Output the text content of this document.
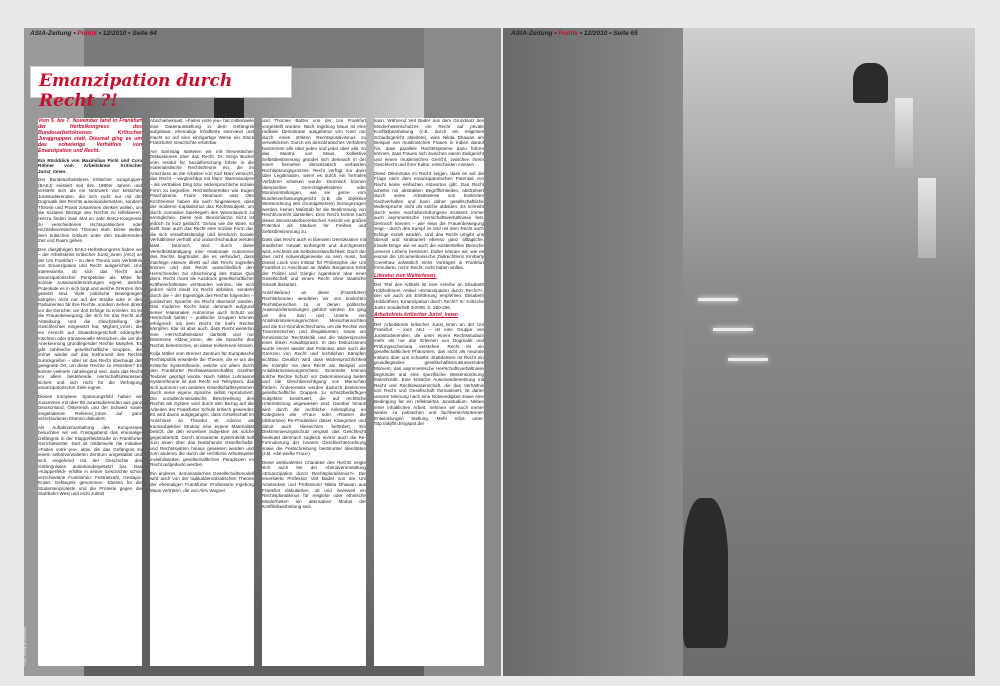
AStA-Zeitung • Politik • 12/2010 • Seite 64
Emanzipation durch Recht ?!
Foto: mbxp photocase

Vom 5. bis 7. November fand in Frankfurt der Herbstkongress des Bundesarbeitskreises Kritischer Jurajgruppen statt. Diesmal ging es um das schwierige Verhältnis von Emanzipation und Recht.

Ein Rückblick von Maximilian Pichl und Cora Röhner vom Arbeitskreis Kritischer Jurist_innen.

Der Bundesarbeitskreis Kritischer Juragruppen (BAKJ) existiert seit den 1980er Jahren und versteht sich als ein Netzwerk von kritischen Jurastudierenden, die sich nicht nur mit der Dogmatik des Rechts auseinandersetzen, sondern Theorie und Praxis zusammen denken wollen, um die sozialen Bezüge des Rechts zu reflektieren. Hierzu finden zwei Mal im Jahr BAKJ-Kongresse zu verschiedenen rechtspolitischen oder rechtstheoretischen Themen statt. Diese stellen dem kritischen Diskurs unter den Studierenden Zeit und Raum geben.

Den diesjährigen BAKJ-Herbstkongress haben wir – der Arbeitskreis Kritischer Jurist_innen (AKJ) an der Uni Frankfurt – zu dem Thema vom Verhältnis von Emanzipation und Recht ausgerichtet. Uns interessierte, ob sich das Recht aus emanzipatorischer Perspektive als Mittel für soziale Auseinandersetzungen eignet, welche Potentiale es in sich birgt und welche Grenzen ihm gesetzt sind. Viele politische Bewegungen kämpfen nicht nur auf der Straße oder in den Parlamenten für ihre Rechte, sondern ziehen direkt vor die Gerichte, um dort Erfolge zu erzielen. So ist die Frauenbewegung, die sich für das Recht auf Abtreibung und die Gleichstellung der Geschlechter eingesetzt hat, Migrant_innen, die ein Anrecht auf Staatsbürgerschaft erkämpfen möchten oder transsexuelle Menschen, die um die Anerkennung grundlegender Rechte kämpfen. Es gibt zahlreiche gesellschaftliche Gruppen, die immer wieder auf das Instrument des Rechts zurückgreifen – aber ist das Recht überhaupt der geeignete Ort, um diese Rechte zu erstreiten? Es könnte vielmehr naheliegend sein, dass das Recht vor allem bestehende Herrschaftsinteressen sichert und sich nicht für die Verfolgung emanzipatorischer Ziele eignet.

Dieses komplexe Spannungsfeld haben wir zusammen mit über 80 Jurastudierenden aus ganz Deutschland, Österreich und der Schweiz sowie eingeladenen Referent_innen auf ganz verschiedenen Ebenen diskutiert.

Als Auftaktveranstaltung des Kongresses besuchten wir am Freitagabend das ehemalige Gefängnis in der Klapperfeldstraße im Frankfurter Gerichtsviertel. Dort ist mittlerweile die Initiative »Faites votre jeu« aktiv, die das Gefängnis zu einem selbstverwalteten Zentrum umgestaltet und sich eingehend mit der Geschichte des Gefängnisses auseinandergesetzt hat. Das »Klapperfeld« erfüllte in seiner Geschichte schon verschiedene Funktionen: Festnetzahl, Gestapo-Knast, Gefängnis genommen. Ebenso für die Studentenproteste und die Proteste gegen die Startbahn-West und nicht zuletzt

Abschiebeknast. »Faites votre jeu« hat mittlerweile eine Dauerausstellung in dem Gefängnis aufgebaut, ehemalige Inhaftierte interviewt und macht so auf eine einzigartige Weise ein Stück Frankfurter Geschichte erfahrbar.

Am Samstag starteten wir mit theoretischen Diskussionen über das Recht. Dr. Sonja Buckel vom Institut für Sozialforschung führte in die materialistische Rechtstheorie ein, die im Anschluss an die Arbeiten von Karl Marx versucht, das Recht – vergleichbar mit Marx' Warenanalyse – als vertrakies Ding bzw. widersprüchliche soziale Form zu begreifen. Rechtstheoretiker wie Eugen Paschukanis, Franz Neumann oder Otto Kirchheimer haben die nach hingewiesen, dass der moderne Kapitalismus das Rechtssubjekt, um durch normative Spielregeln den Warentausch zu ermöglichen. Diese rein ökonomische Sicht ist jedoch zu kurz gedacht. Genau wie die Ware, so stellt zwar auch das Recht eine soziale Form dar, die sich verselbstständigt und hierdurch soziale Verhältnisse verhüllt und undurchschaubar werden lässt. Dennoch wird durch diese Verselbstständigung eine relationale Autonomie des Rechts begründet, die es verhindert, dass mächtige Akteure direkt auf das Recht zugreifen können und das Recht ausschließlich den Herrschenden zur Absicherung des Status Quo dient. Recht muss als Ausdruck gesellschaftlicher Kräfteverhältnisse verstanden werden, die sich jedoch nicht direkt im Recht abbilden, sondern durch die – der Eigenlogik des Rechts folgenden – juridischen Sprache ins Recht übersetzt werden. Das moderne Recht kann demnach aufgrund seiner relationalen Autonomie auch Schutz vor Herrschaft bieten – politische Gruppen können erfolgreich mit dem Recht für mehr Rechte kämpfen. Klar ist aber auch, dass Recht weiterhin eine Herrschaftsinstanz darstellt und nur bestimmte Akteur_innen, die die Sprache des Rechts beherrschen, an dieser teilnehmen können.

Kolja Möller vom Bremer Zentrum für Europäische Rechtspolitik erweiterte die Theorie, die er um die Kritische Systemtheorie, welche vor allem durch den Frankfurter Rechtswissenschaftler Gunther Teubner geprägt wurde. Nach Niklas Luhmanns Systemtheorie ist das Recht ein Teilsystem, das sich autonom von anderen Gesellschaftssystemen durch seine eigene Sprache selbst reproduziert. Die sozialtechnokratische Beschreibung des Rechts als System wird durch den Bezug auf die Arbeiten der Frankfurter Schule kritisch gewendet: Es wird davon ausgegangen, dass Gesellschaft im Anschluss an Theodor W. Adorno als transsubjektive Struktur eine eigene Materialität besitzt, die den einzelnen Subjekten als solche gegenübertritt. Durch immanente Systemkritik soll zum einen über das bestehende Gesellschafts- und Rechtssystem hinaus gewiesen werden und zum anderen die durch die rechtliche Arbeitsweise invisibilisierten gesellschaftlichen Paradoxien im Recht aufgedeckt werden.

Ein anderes, demokratisches Gesellschaftsmodell wird auch von der radikaldemokratischen Theorie der ehemaligen Frankfurter Professorin Ingeborg Maus vertreten, die von Alex Wagner

und Thomas Balzer von der Uni Frankfurt vorgestellt wurden. Nach Ingeborg Maus ist eine radikale Demokratie ausgehend von Kant nur durch einen strikten Rechtspositivismus zu verwirklichen. Durch ein demokratisches Verfahren bestimmen alle über jeden und jeder über alle, so das Mantra von Maus. Kollektive Selbstbestimmung gründet sich demnach in der einen formellen demokratisch verfassten Rechtsetzungsprozess. Recht verfügt nur dann über Legitimation, wenn es durch ein formales Verfahren erlassen wurde. Demnach können überpositive Gerechtigkeitsideen oder Moralvorstellungen, wie sie gerne vom Bundesverfassungsgericht (z.B. die objektive Werteordnung des Grundgesetzes) herangezogen werden, keinen Maßstab für die Bestimmung von Recht/Unrecht darstellen. Dem Recht kommt nach dieser demokratietheoretischen Ansicht ein großes Potential als Medium für Freiheit und Selbstbestimmung zu.

Dass das Recht auch in liberalen Demokratien mit staatlicher Gewalt einhergeht und durchgesetzt wird, erscheint als Selbstverständlichkeit. Doch der dies nicht notwendigerweise so sein muss, hat Daniel Loick vom Institut für Philosophie der Uni Frankfurt in Anschluss an Walter Benjamins Kritik der Polizei und Giorgio Agambens Idee einer Gesellschaft und einem Recht ohne staatliche Gewalt diskutiert.

Anschließend an diese (Frankfurter) Rechtstheorien wendeten wir uns konkreten Rechtsbereichen zu, in denen politische Auseinandersetzungen geführt werden. Es ging um den Sinn und Unsinn von Antidiskriminierungsrechten, Menschenrechten und die EU-Grundrechtecharta, um die Rechte von Transmenschen und Illegalisierten, sowie um feministische Rechtskritik und die Widersprüche einer linken Anwaltspraxis. In den Diskussionen wurde immer wieder das Potential, aber auch die Grenzen von Recht und rechtlichen Kämpfen sichtbar. Deutlich wird dass Widersprüchlichkeit der Kämpfe mit dem Recht am Beispiel von Antidiskriminierungsrechten. Einerseits können solche Rechte Schutz vor Diskriminierung bieten und die Gleichberechtigung von Menschen fördern. Andererseits werden dadurch bestimmte gesellschaftliche Gruppen zu schutzbedürftigen Subjekten konstruiert, die auf rechtliche Unterstützung angewiesen sind. Darüber hinaus wird durch die rechtliche Anknüpfung an Kategorien wie »Frau« oder »Rasse« die (diskursive) Re-Produktion dieser Kategorien und damit auch Hierarchien befördert. Ein Diskriminierungsschutz vergisst das Geschlecht bedeutet demnach zugleich immer auch die Re-Formulierung der binären Geschlechterordnung sowie die Festschreibung bestimmter Identitäten (z.B. »die weiße Frau«).

Diese ambivalenter Charakter des Rechts zeigte sich auch bei der Abendveranstaltung »Emanzipation durch Rechtspluralismus?« Der emeritierte Professor Veit Bader von der Uni Amsterdam und Professorin Nikita Dhawan aus Frankfurt diskutierten, ob und inwieweit ein Rechtspluralismus für religiöse oder ethnische Minderheiten ein alternativer Modus der Konfliktbearbeitung sein

kann. Während Veit Bader aus dem Grundsatz des Minderheitenschutzes ein Recht auf private Konfliktbearbeitung (z.B. durch ein religiöses Schiedsgericht ableitete), wies Nikita Dhawan am Beispiel von muslimischen Frauen in Indien darauf hin, dass parallele Rechtssysteme dazu führen können, dass Frauen sich zwischen einem Zivilgericht und einem muslimischen Gericht, zwischen ihrem Geschlecht und ihrer Kultur, entscheiden müssen.

Diese Dilemmata im Recht zeigen, dass es auf die Frage nach dem emanzipatorischen Potential von Recht keine einfachen Antworten gibt. Das Recht arbeitet mit abstrakten Begrifflichkeiten, abstrahiert durch seine Arbeitsweise von konkreten Sachverhalten und kann daher gesellschaftliche Widersprüche nicht als solche abbilden. Es schreibt durch seine machtdurchdrungene Existenz immer auch asymmetrische Herrschaftsverhältnisse fest. Dennoch können – wie etwa die Frauenbewegung zeigt – durch den Kampf im und mit dem Recht auch Erfolge erzielt werden. Und das Recht umgibt uns überall und strukturiert ebenso ganz alltägliche, triviale Dinge wie es auch die existentiellen Bereiche unseres Lebens bestimmt. Daher können wir, wie es einmal die US-amerikanische Zivilrechtlerin Kimberly Crenshaw anlässlich eines Vortrages in Frankfurt formulierte, nicht: Recht, nicht haben wollen.

Literatur zum Weiterlesen:

Der Titel des Artikels ist eine Anleihe an Elisabeth Holzleithners Artikel »Emanzipation durch Recht?«, den wir auch als Einführung empfehlen: Elisabeth Holzleithner, Emanzipation durch Recht? In: Kritische Justiz Sonderheft 3/2008, S. 250-256.

Arbeitskreis kritischer Jurist_innen

Der Arbeitskreis kritischer Jurist_innen an der Uni Frankfurt – kurz AKJ – ist eine Gruppe von Jurastudierenden, die unter einem Rechtsstudium mehr als nur das Erlernen von Dogmatik und Prüfungsschemata verstehen. Recht ist ein gesellschaftliches Phänomen, das nicht als neutrale Instanz über uns schwebt. Stattdessen ist Recht ein grundlegendes gesellschaftsstrukturierendes Moment, das asymmetrische Herrschaftsverhältnisse begründet und eine spezifische Wissensordnung festschreibt. Eine kritische Auseinandersetzung mit Recht und Rechtswissenschaft, die das Verhältnis von Recht und Gesellschaft thematisiert, ist daher unserer Meinung nach eine Notwendigkeit sowie eine Bedingung für ein reflektiertes Jurastudium. Neben einer inhaltlichen Arbeit, nehmen wir auch immer wieder zu politischen und fachbereichsinternen Entwicklungen Stellung. Mehr Infos unter: http://akjffm.blogspot.de/

AStA-Zeitung • Politik • 12/2010 • Seite 65
